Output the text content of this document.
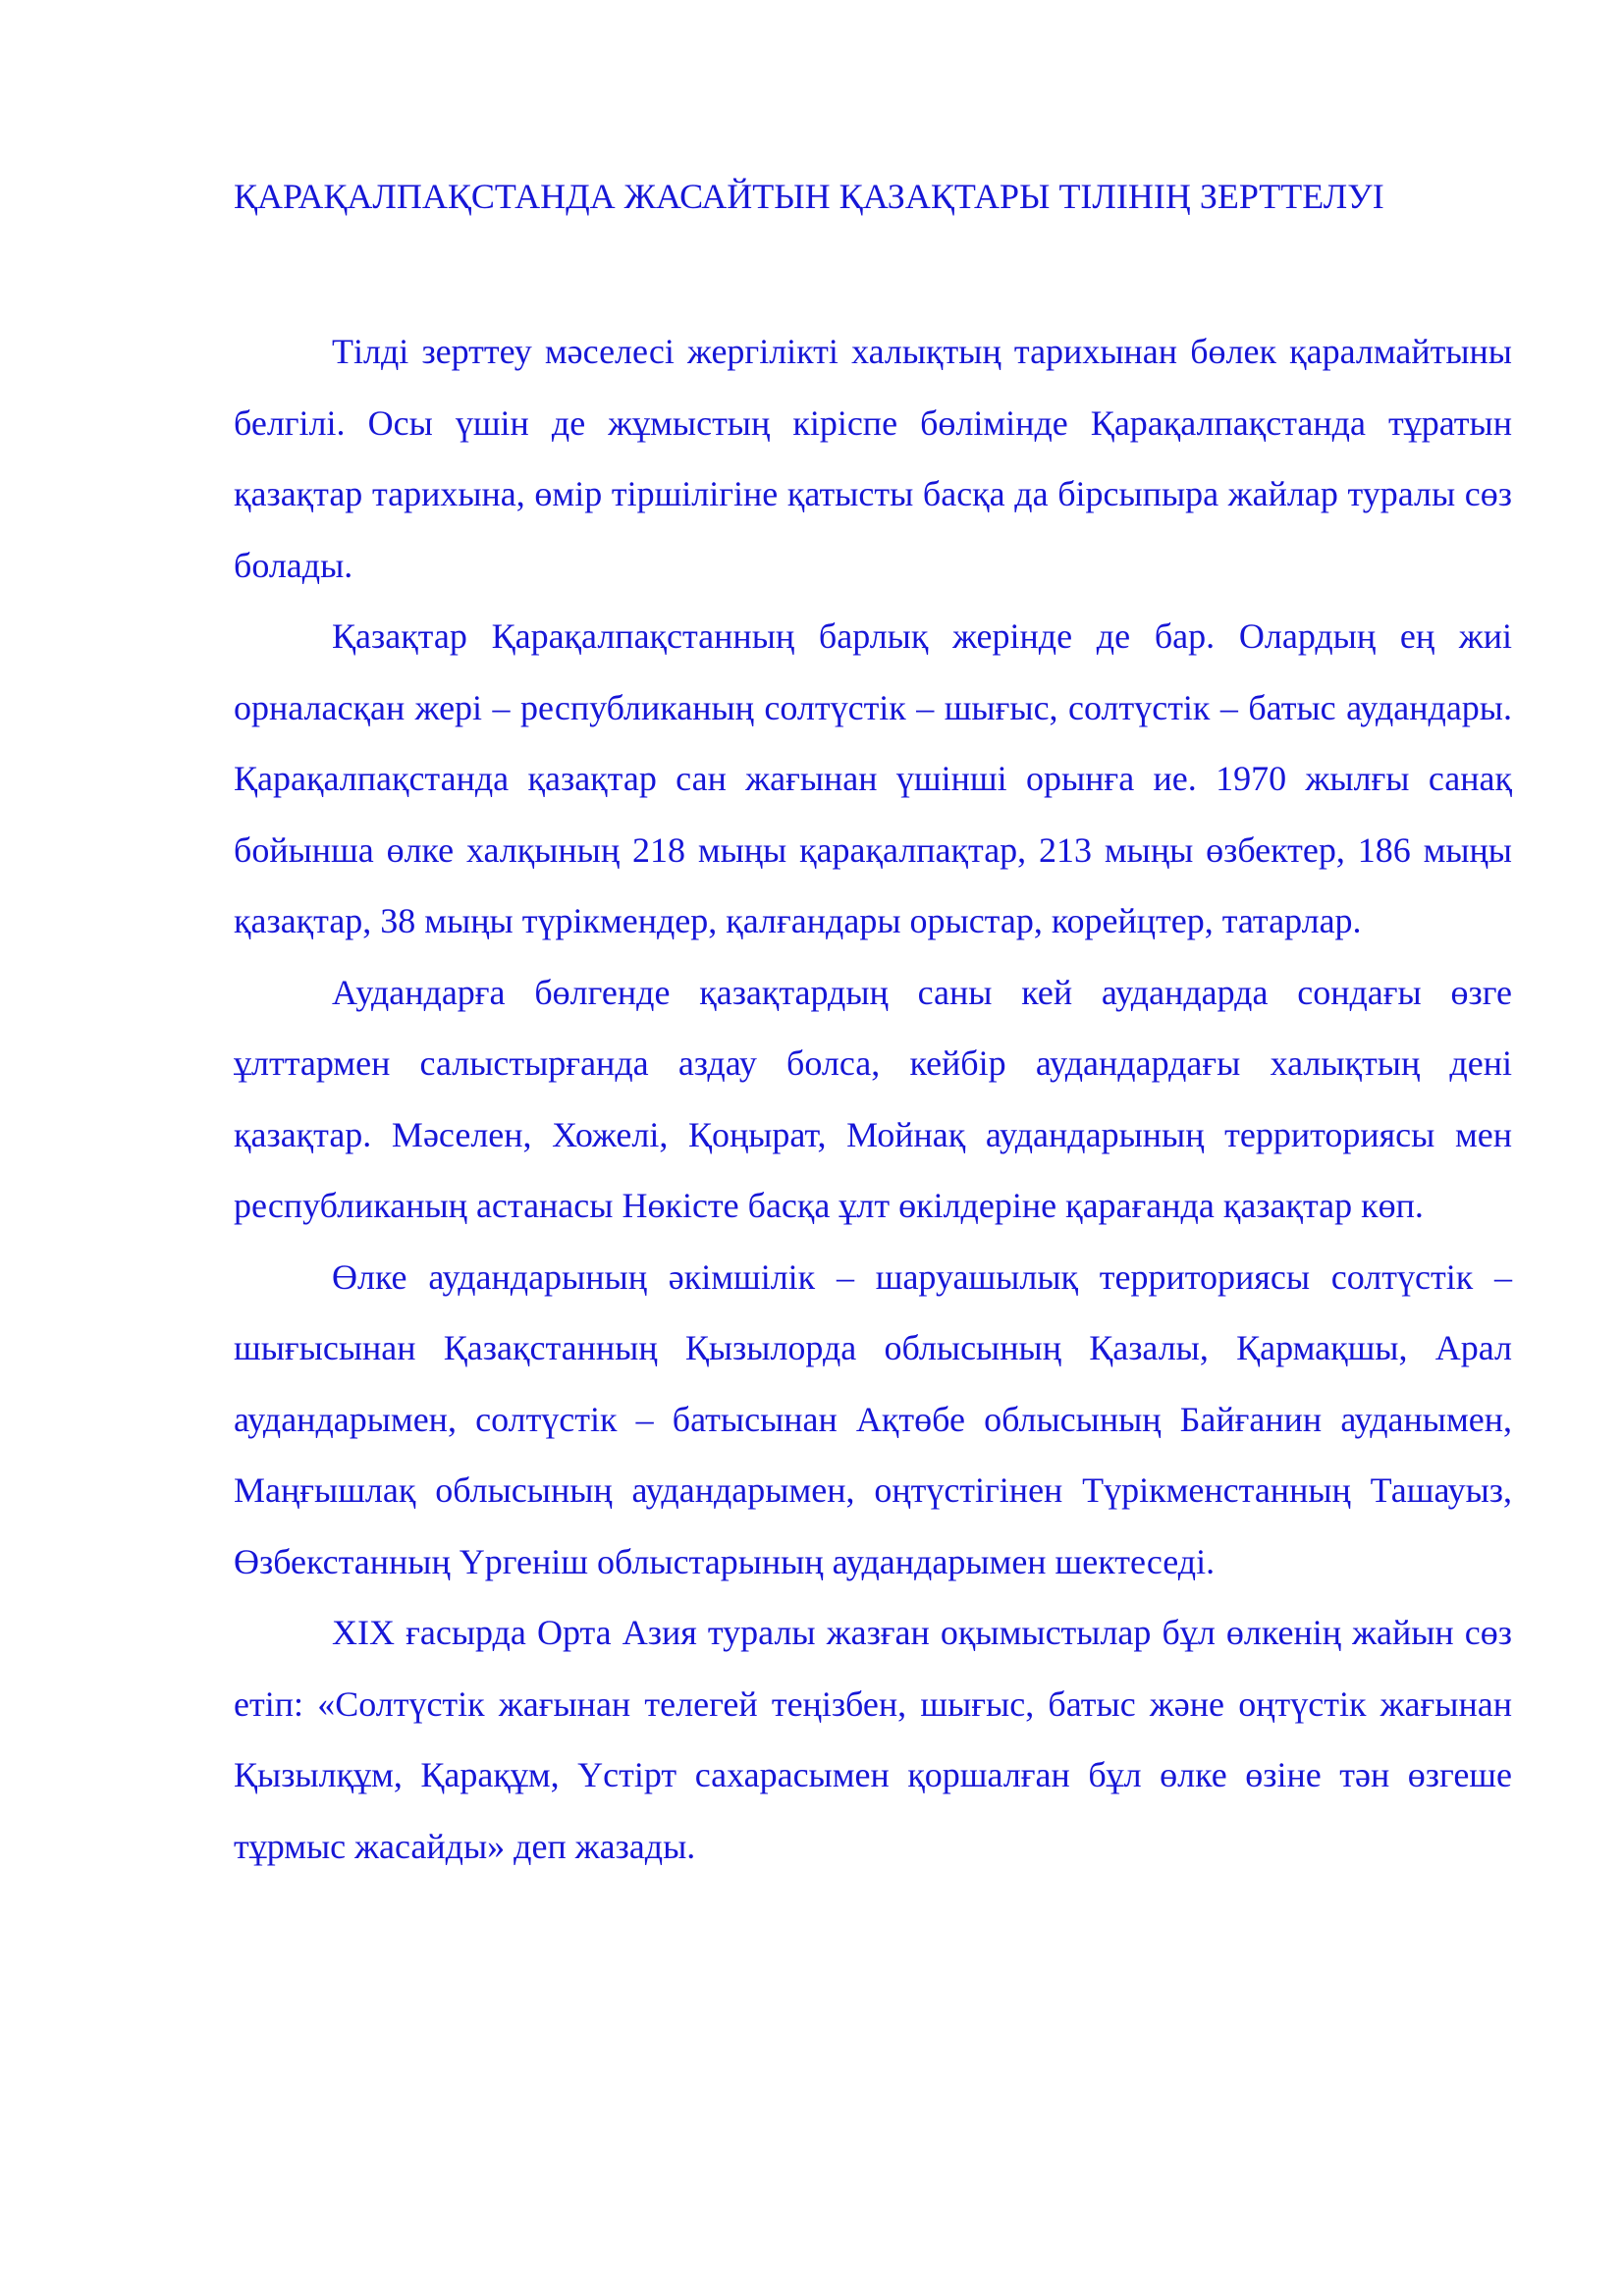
ҚАРАҚАЛПАҚСТАНДА ЖАСАЙТЫН ҚАЗАҚТАРЫ ТІЛІНІҢ ЗЕРТТЕЛУІ

Тілді зерттеу мәселесі жергілікті халықтың тарихынан бөлек қаралмайтыны белгілі. Осы үшін де жұмыстың кіріспе бөлімінде Қарақалпақстанда тұратын қазақтар тарихына, өмір тіршілігіне қатысты басқа да бірсыпыра жайлар туралы сөз болады.

Қазақтар Қарақалпақстанның барлық жерінде де бар. Олардың ең жиі орналасқан жері – республиканың солтүстік – шығыс, солтүстік – батыс аудандары. Қарақалпақстанда қазақтар сан жағынан үшінші орынға ие. 1970 жылғы санақ бойынша өлке халқының 218 мыңы қарақалпақтар, 213 мыңы өзбектер, 186 мыңы қазақтар, 38 мыңы түрікмендер, қалғандары орыстар, корейцтер, татарлар.

Аудандарға бөлгенде қазақтардың саны кей аудандарда сондағы өзге ұлттармен салыстырғанда аздау болса, кейбір аудандардағы халықтың дені қазақтар. Мәселен, Хожелі, Қоңырат, Мойнақ аудандарының территориясы мен республиканың астанасы Нөкісте басқа ұлт өкілдеріне қарағанда қазақтар көп.

Өлке аудандарының әкімшілік – шаруашылық территориясы солтүстік – шығысынан Қазақстанның Қызылорда облысының Қазалы, Қармақшы, Арал аудандарымен, солтүстік – батысынан Ақтөбе облысының Байғанин ауданымен, Маңғышлақ облысының аудандарымен, оңтүстігінен Түрікменстанның Ташауыз, Өзбекстанның Үргеніш облыстарының аудандарымен шектеседі.

XIX ғасырда Орта Азия туралы жазған оқымыстылар бұл өлкенің жайын сөз етіп: «Солтүстік жағынан телегей теңізбен, шығыс, батыс және оңтүстік жағынан Қызылқұм, Қарақұм, Үстірт сахарасымен қоршалған бұл өлке өзіне тән өзгеше тұрмыс жасайды» деп жазады.
